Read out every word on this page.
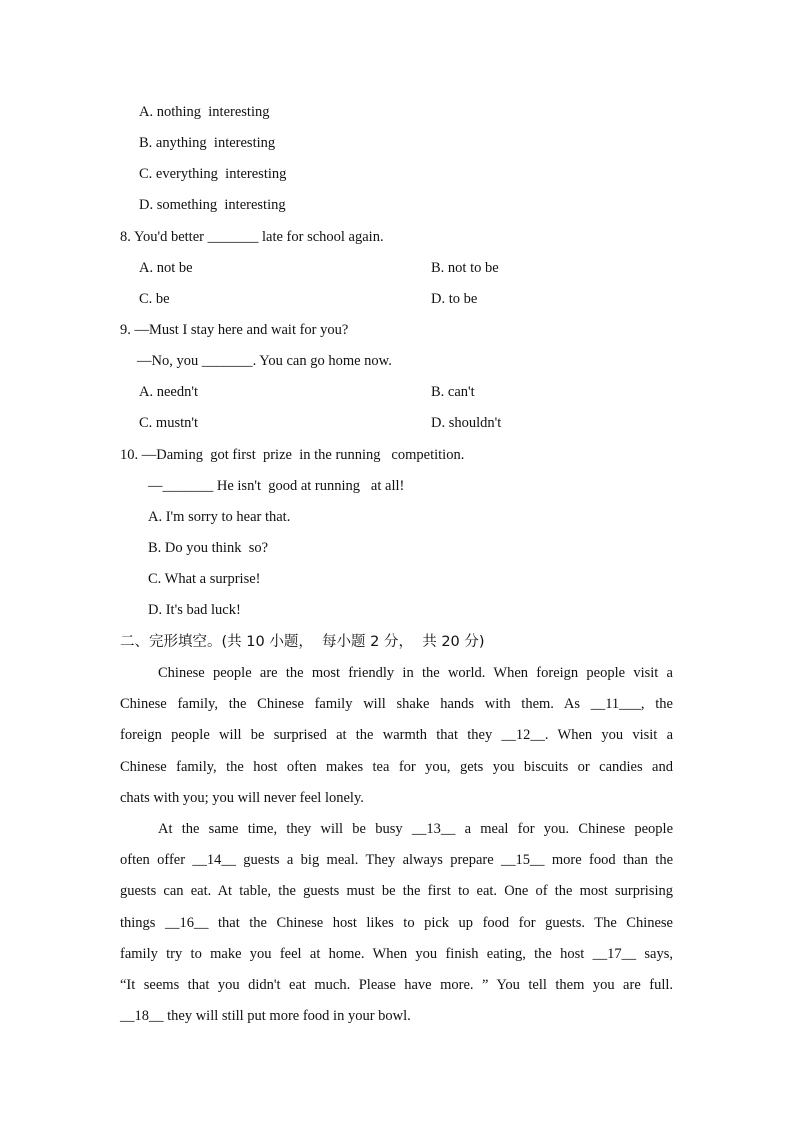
A. nothing  interesting
B. anything  interesting
C. everything  interesting
D. something  interesting
8. You'd better _______ late for school again.
A. not be	B. not to be
C. be	D. to be
9. —Must I stay here and wait for you?
—No, you _______. You can go home now.
A. needn't	B. can't
C. mustn't	D. shouldn't
10. —Daming  got first  prize  in the running   competition.
—_______ He isn't  good at running   at all!
A. I'm sorry to hear that.
B. Do you think  so?
C. What a surprise!
D. It's bad luck!
二、完形填空。(共 10 小题，  每小题 2 分，  共 20 分)
Chinese people are the most friendly in the world. When foreign people visit a
Chinese family, the Chinese family will shake hands with them. As __11___, the
foreign people will be surprised at the warmth that they __12__. When you visit a
Chinese family, the host often makes tea for you, gets you biscuits or candies and
chats with you; you will never feel lonely.
At the same time, they will be busy __13__ a meal for you. Chinese people
often offer __14__ guests a big meal. They always prepare __15__ more food than the
guests can eat. At table, the guests must be the first to eat. One of the most surprising
things __16__ that the Chinese host likes to pick up food for guests. The Chinese
family try to make you feel at home. When you finish eating, the host __17__ says,
“It seems that you didn't eat much. Please have more. ” You tell them you are full.
__18__ they will still put more food in your bowl.
